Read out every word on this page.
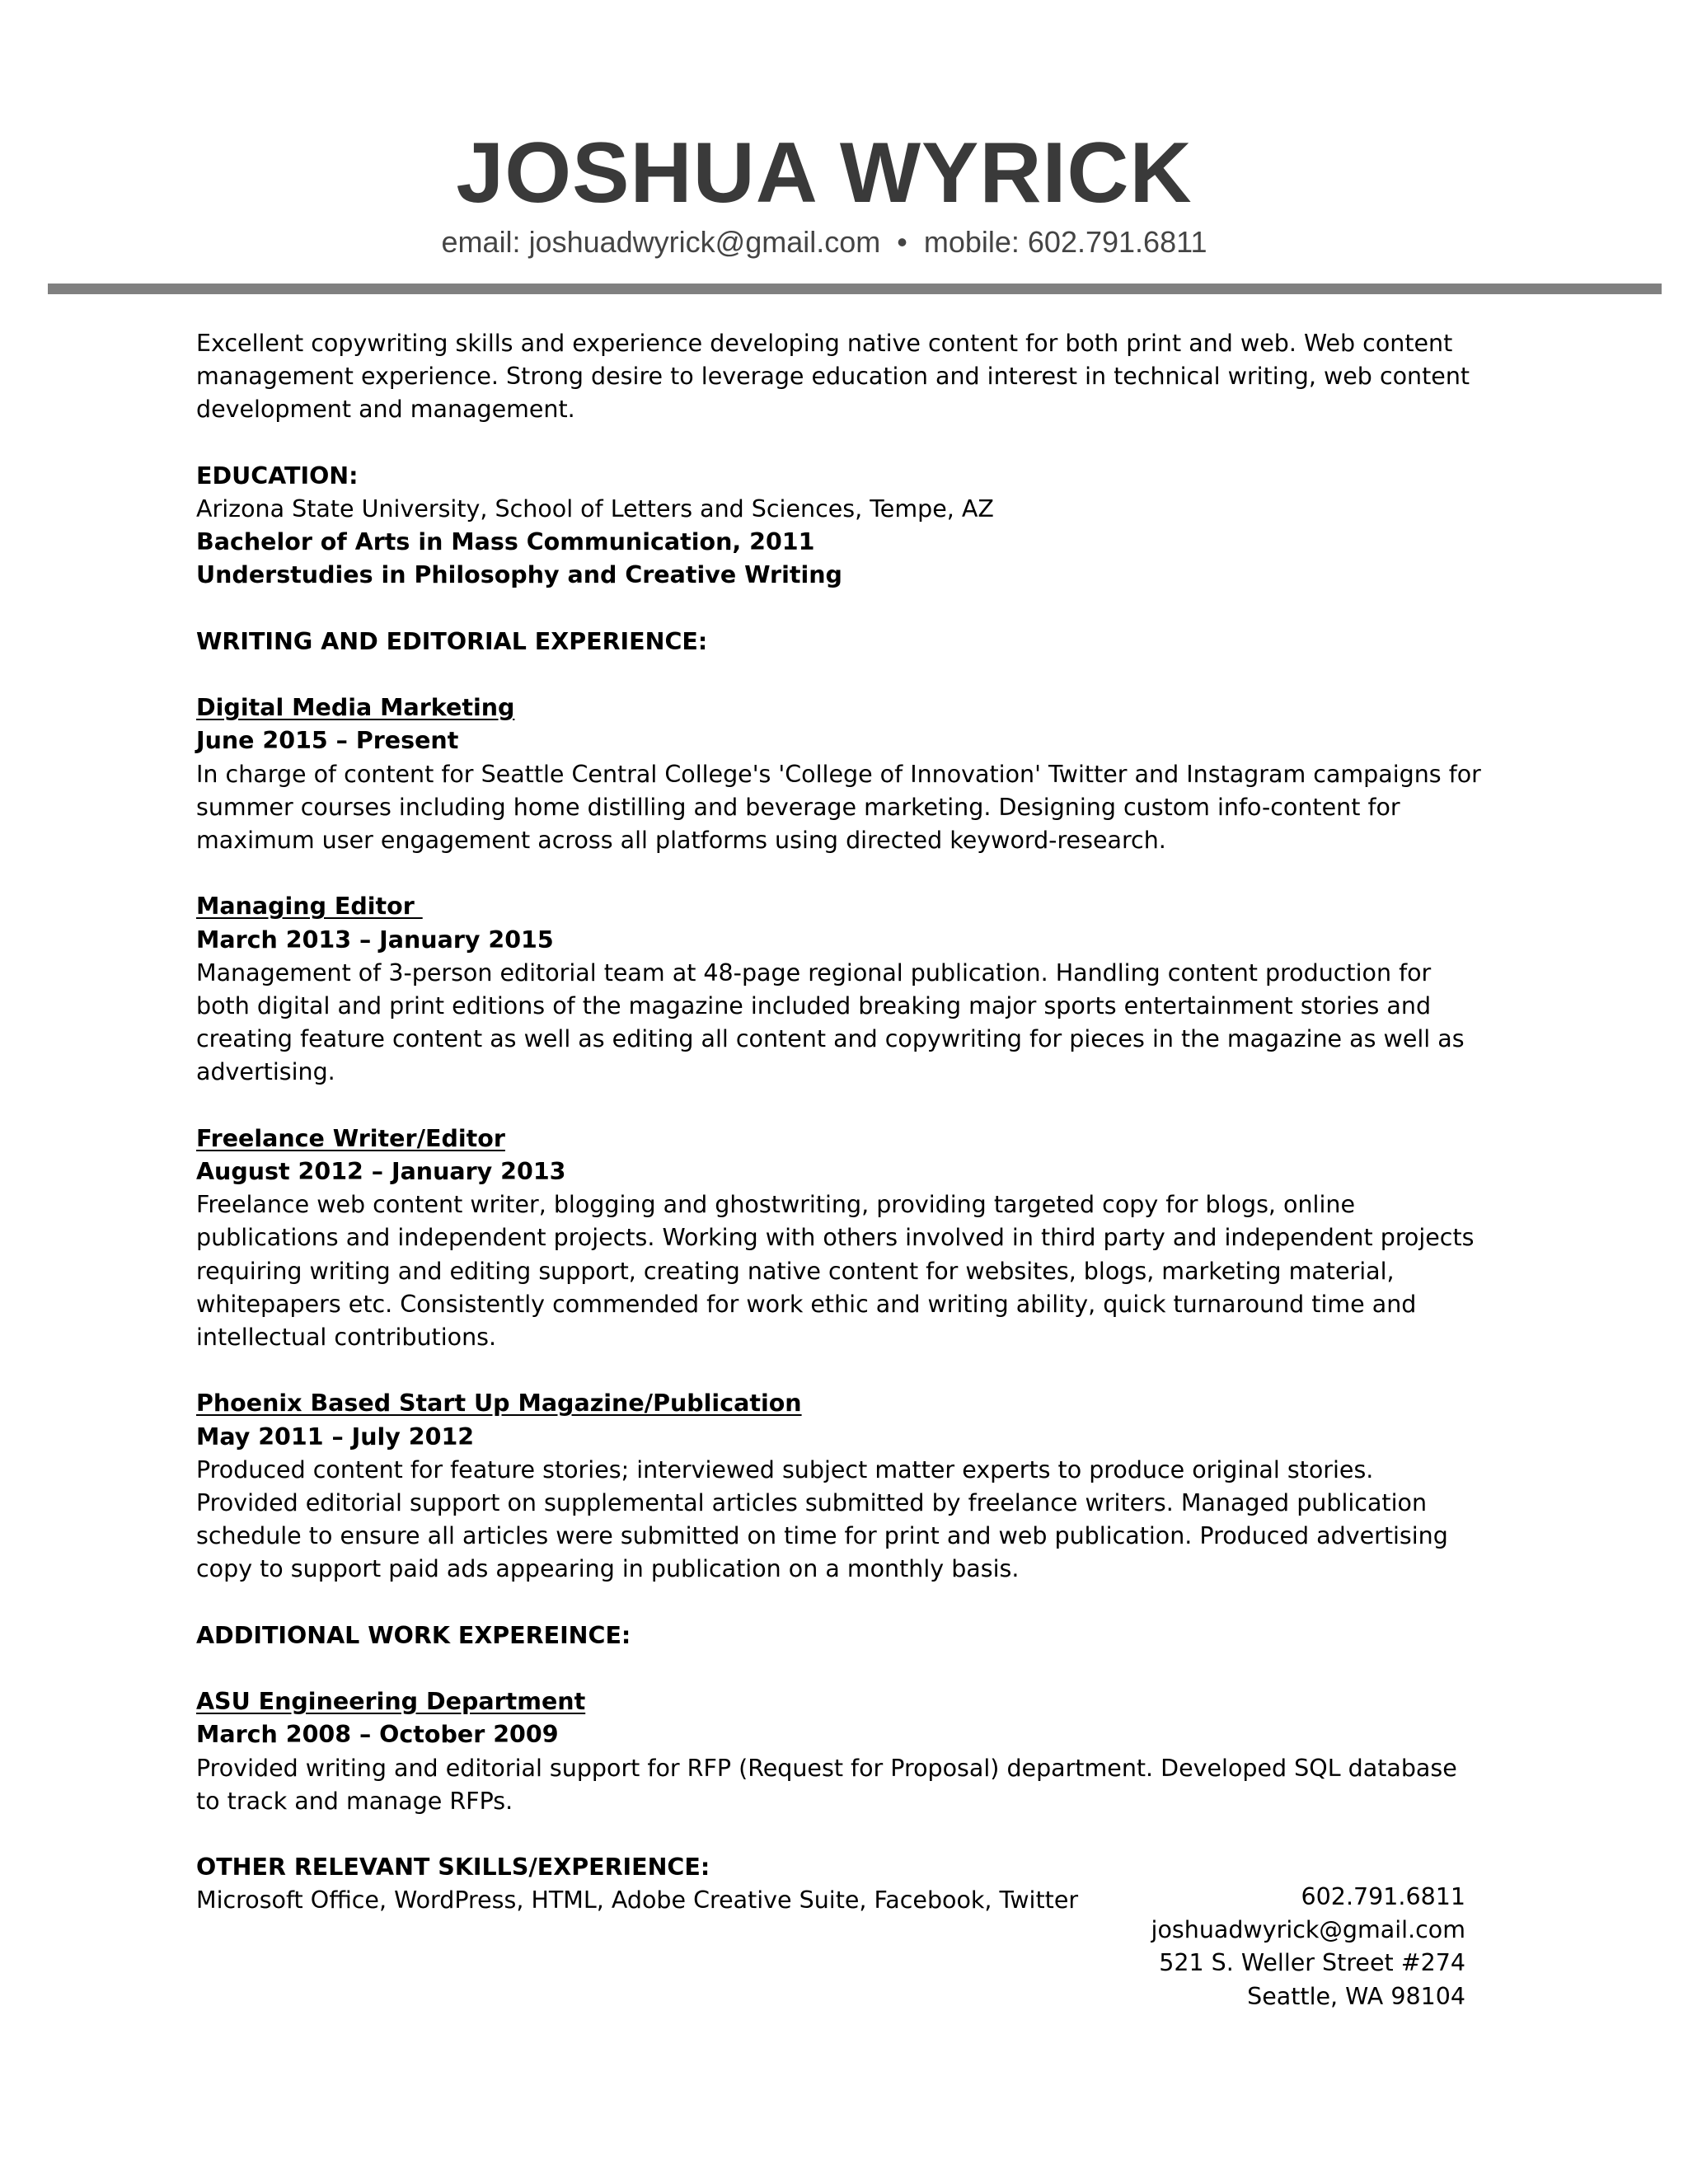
JOSHUA WYRICK
email: joshuadwyrick@gmail.com • mobile: 602.791.6811

Excellent copywriting skills and experience developing native content for both print and web. Web content management experience. Strong desire to leverage education and interest in technical writing, web content development and management.

EDUCATION:

Arizona State University, School of Letters and Sciences, Tempe, AZ

Bachelor of Arts in Mass Communication, 2011

Understudies in Philosophy and Creative Writing

WRITING AND EDITORIAL EXPERIENCE:

Digital Media Marketing

June 2015 – Present

In charge of content for Seattle Central College's 'College of Innovation' Twitter and Instagram campaigns for summer courses including home distilling and beverage marketing. Designing custom info-content for maximum user engagement across all platforms using directed keyword-research.

Managing Editor

March 2013 – January 2015

Management of 3-person editorial team at 48-page regional publication. Handling content production for both digital and print editions of the magazine included breaking major sports entertainment stories and creating feature content as well as editing all content and copywriting for pieces in the magazine as well as advertising.

Freelance Writer/Editor

August 2012 – January 2013

Freelance web content writer, blogging and ghostwriting, providing targeted copy for blogs, online publications and independent projects. Working with others involved in third party and independent projects requiring writing and editing support, creating native content for websites, blogs, marketing material, whitepapers etc. Consistently commended for work ethic and writing ability, quick turnaround time and intellectual contributions.

Phoenix Based Start Up Magazine/Publication

May 2011 – July 2012

Produced content for feature stories; interviewed subject matter experts to produce original stories. Provided editorial support on supplemental articles submitted by freelance writers. Managed publication schedule to ensure all articles were submitted on time for print and web publication. Produced advertising copy to support paid ads appearing in publication on a monthly basis.

ADDITIONAL WORK EXPEREINCE:

ASU Engineering Department

March 2008 – October 2009

Provided writing and editorial support for RFP (Request for Proposal) department. Developed SQL database to track and manage RFPs.

OTHER RELEVANT SKILLS/EXPERIENCE:

Microsoft Office, WordPress, HTML, Adobe Creative Suite, Facebook, Twitter	602.791.6811
joshuadwyrick@gmail.com
521 S. Weller Street #274
Seattle, WA 98104
